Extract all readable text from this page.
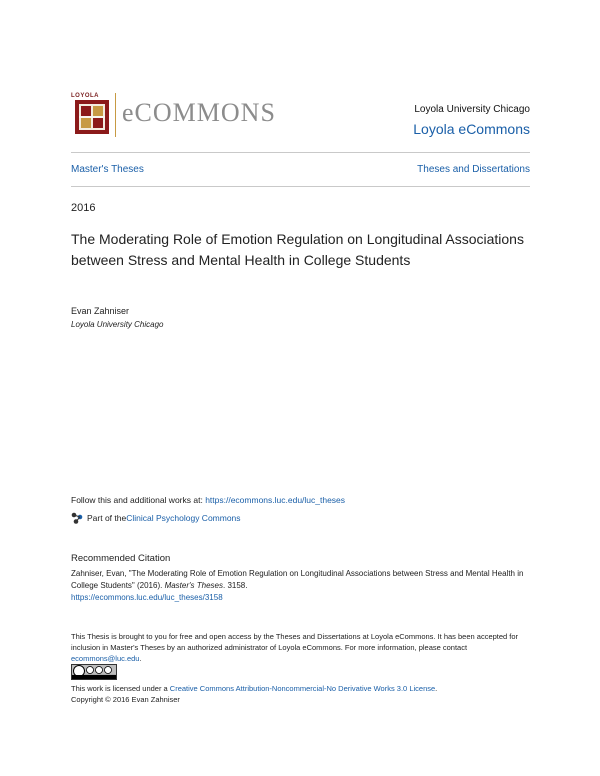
LOYOLA
eCOMMONS	Loyola University Chicago
Loyola eCommons
Master's Theses	Theses and Dissertations
2016
The Moderating Role of Emotion Regulation on Longitudinal Associations between Stress and Mental Health in College Students
Evan Zahniser
Loyola University Chicago
Follow this and additional works at: https://ecommons.luc.edu/luc_theses
Part of the Clinical Psychology Commons
Recommended Citation
Zahniser, Evan, "The Moderating Role of Emotion Regulation on Longitudinal Associations between Stress and Mental Health in College Students" (2016). Master's Theses. 3158.
https://ecommons.luc.edu/luc_theses/3158
This Thesis is brought to you for free and open access by the Theses and Dissertations at Loyola eCommons. It has been accepted for inclusion in Master's Theses by an authorized administrator of Loyola eCommons. For more information, please contact ecommons@luc.edu.
This work is licensed under a Creative Commons Attribution-Noncommercial-No Derivative Works 3.0 License.
Copyright © 2016 Evan Zahniser
